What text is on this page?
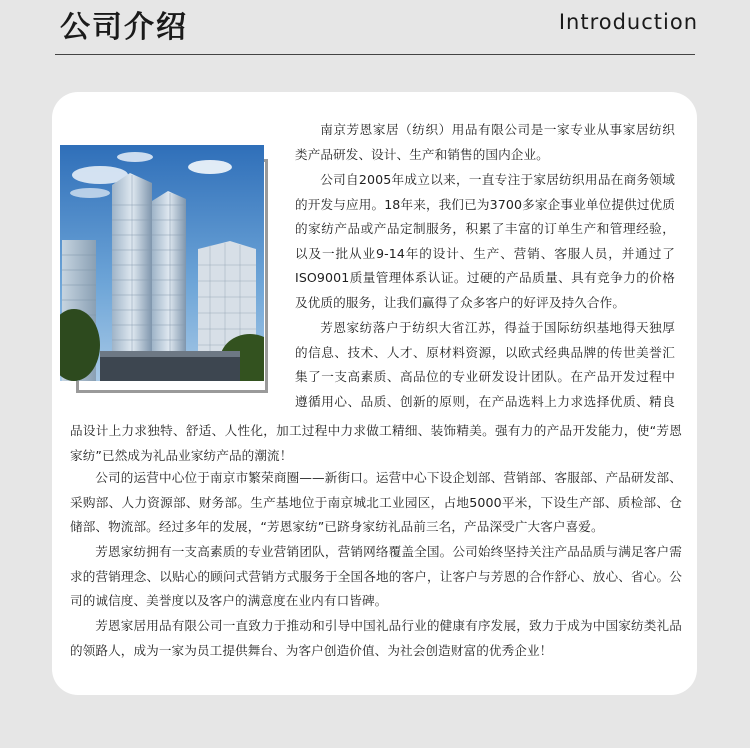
公司介绍	Introduction

南京芳恩家居（纺织）用品有限公司是一家专业从事家居纺织类产品研发、设计、生产和销售的国内企业。

公司自2005年成立以来，一直专注于家居纺织用品在商务领域的开发与应用。18年来，我们已为3700多家企事业单位提供过优质的家纺产品或产品定制服务，积累了丰富的订单生产和管理经验，以及一批从业9-14年的设计、生产、营销、客服人员，并通过了ISO9001质量管理体系认证。过硬的产品质量、具有竞争力的价格及优质的服务，让我们赢得了众多客户的好评及持久合作。

芳恩家纺落户于纺织大省江苏，得益于国际纺织基地得天独厚的信息、技术、人才、原材料资源，以欧式经典品牌的传世美誉汇集了一支高素质、高品位的专业研发设计团队。在产品开发过程中遵循用心、品质、创新的原则，在产品选料上力求选择优质、精良

品设计上力求独特、舒适、人性化，加工过程中力求做工精细、装饰精美。强有力的产品开发能力，使“芳恩家纺”已然成为礼品业家纺产品的潮流！

公司的运营中心位于南京市繁荣商圈——新街口。运营中心下设企划部、营销部、客服部、产品研发部、采购部、人力资源部、财务部。生产基地位于南京城北工业园区，占地5000平米，下设生产部、质检部、仓储部、物流部。经过多年的发展，“芳恩家纺”已跻身家纺礼品前三名，产品深受广大客户喜爱。

芳恩家纺拥有一支高素质的专业营销团队，营销网络覆盖全国。公司始终坚持关注产品品质与满足客户需求的营销理念、以贴心的顾问式营销方式服务于全国各地的客户，让客户与芳恩的合作舒心、放心、省心。公司的诚信度、美誉度以及客户的满意度在业内有口皆碑。

芳恩家居用品有限公司一直致力于推动和引导中国礼品行业的健康有序发展，致力于成为中国家纺类礼品的领路人，成为一家为员工提供舞台、为客户创造价值、为社会创造财富的优秀企业！
